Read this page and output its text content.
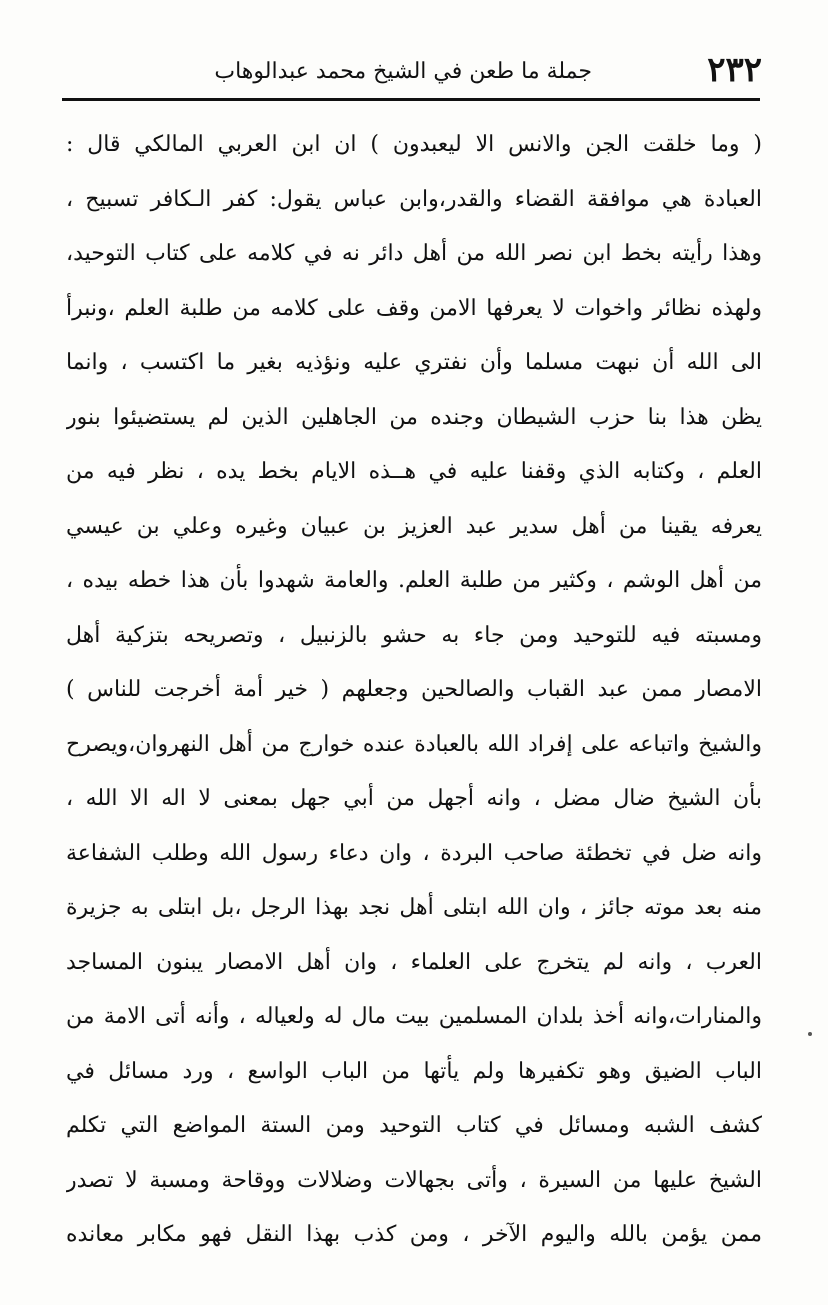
٢٣٢
جملة ما طعن في الشيخ محمد عبدالوهاب
( وما خلقت الجن والانس الا ليعبدون ) ان ابن العربي المالكي قال :
العبادة هي موافقة القضاء والقدر،وابن عباس يقول: كفر الـكافر تسبيح ،
وهذا رأيته بخط ابن نصر الله من أهل دائر نه في كلامه على كتاب التوحيد،
ولهذه نظائر واخوات لا يعرفها الامن وقف على كلامه من طلبة العلم ،ونبرأ
الى الله أن نبهت مسلما وأن نفتري عليه ونؤذيه بغير ما اكتسب ، وانما
يظن هذا بنا حزب الشيطان وجنده من الجاهلين الذين لم يستضيئوا بنور
العلم ، وكتابه الذي وقفنا عليه في هــذه الايام بخط يده ، نظر فيه من
يعرفه يقينا من أهل سدير عبد العزيز بن عبيان وغيره وعلي بن عيسي
من أهل الوشم ، وكثير من طلبة العلم. والعامة شهدوا بأن هذا خطه بيده ،
ومسبته فيه للتوحيد ومن جاء به حشو بالزنبيل ، وتصريحه بتزكية أهل
الامصار ممن عبد القباب والصالحين وجعلهم ( خير أمة أخرجت للناس )
والشيخ واتباعه على إفراد الله بالعبادة عنده خوارج من أهل النهروان،ويصرح
بأن الشيخ ضال مضل ، وانه أجهل من أبي جهل بمعنى لا اله الا الله ،
وانه ضل في تخطئة صاحب البردة ، وان دعاء رسول الله وطلب الشفاعة
منه بعد موته جائز ، وان الله ابتلى أهل نجد بهذا الرجل ،بل ابتلى به جزيرة
العرب ، وانه لم يتخرج على العلماء ، وان أهل الامصار يبنون المساجد
والمنارات،وانه أخذ بلدان المسلمين بيت مال له ولعياله ، وأنه أتى الامة من
الباب الضيق وهو تكفيرها ولم يأتها من الباب الواسع ، ورد مسائل في
كشف الشبه ومسائل في كتاب التوحيد ومن الستة المواضع التي تكلم
الشيخ عليها من السيرة ، وأتى بجهالات وضلالات ووقاحة ومسبة لا تصدر
ممن يؤمن بالله واليوم الآخر ، ومن كذب بهذا النقل فهو مكابر معانده
